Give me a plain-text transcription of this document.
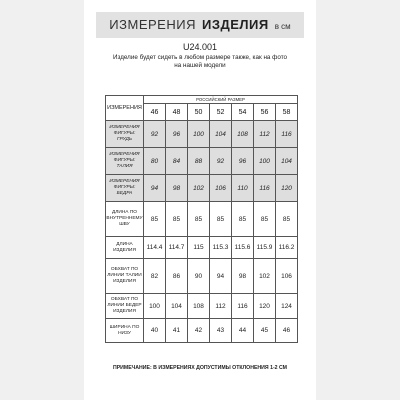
ИЗМЕРЕНИЯ ИЗДЕЛИЯ в см
U24.001
Изделие будет сидеть в любом размере также, как на фото на нашей модели
ИЗМЕРЕНИЯ	РОССИЙСКИЙ РАЗМЕР						
	46	48	50	52	54	56	58
ИЗМЕРЕНИЯ ФИГУРЫ: ГРУДЬ	92	96	100	104	108	112	116
ИЗМЕРЕНИЯ ФИГУРЫ: ТАЛИЯ	80	84	88	92	96	100	104
ИЗМЕРЕНИЯ ФИГУРЫ: БЕДРА	94	98	102	106	110	116	120
ДЛИНА ПО ВНУТРЕННЕМУ ШВУ	85	85	85	85	85	85	85
ДЛИНА ИЗДЕЛИЯ	114.4	114.7	115	115.3	115.6	115.9	116.2
ОБХВАТ ПО ЛИНИИ ТАЛИИ ИЗДЕЛИЯ	82	86	90	94	98	102	106
ОБХВАТ ПО ЛИНИИ БЕДЕР ИЗДЕЛИЯ	100	104	108	112	116	120	124
ШИРИНА ПО НИЗУ	40	41	42	43	44	45	46
ПРИМЕЧАНИЕ: В ИЗМЕРЕНИЯХ ДОПУСТИМЫ ОТКЛОНЕНИЯ 1-2 СМ
